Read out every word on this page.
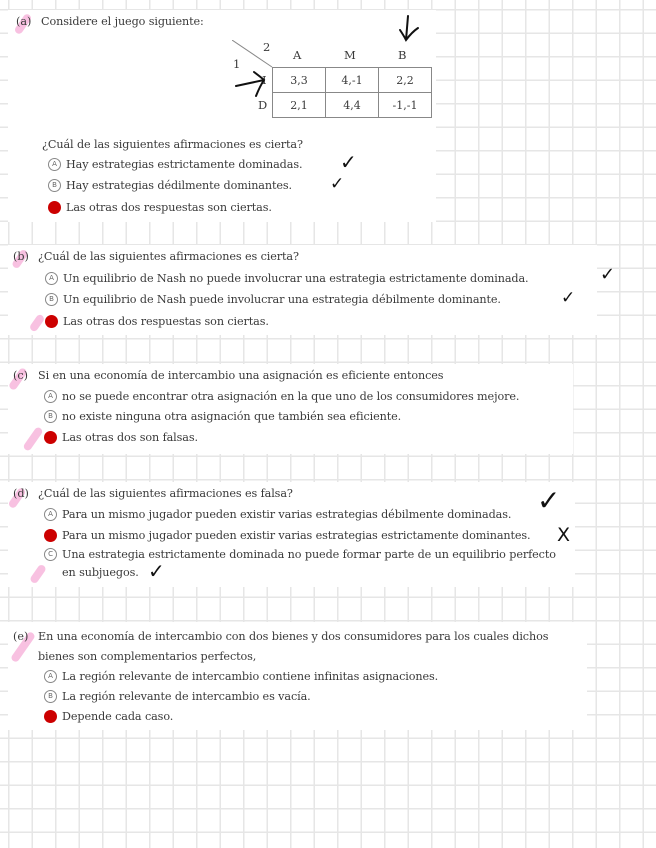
(a) Considere el juego siguiente:
2
1
A	M	B
I
D
3,3	4,-1	2,2
2,1	4,4	-1,-1
¿Cuál de las siguientes afirmaciones es cierta?
A Hay estrategias estrictamente dominadas. ✓
B Hay estrategias dédilmente dominantes. ✓
Las otras dos respuestas son ciertas.
(b) ¿Cuál de las siguientes afirmaciones es cierta?
A Un equilibrio de Nash no puede involucrar una estrategia estrictamente dominada.	✓
B Un equilibrio de Nash puede involucrar una estrategia débilmente dominante.	✓
Las otras dos respuestas son ciertas.
(c) Si en una economía de intercambio una asignación es eficiente entonces
A no se puede encontrar otra asignación en la que uno de los consumidores mejore.
B no existe ninguna otra asignación que también sea eficiente.
Las otras dos son falsas.
(d) ¿Cuál de las siguientes afirmaciones es falsa?
A Para un mismo jugador pueden existir varias estrategias débilmente dominadas. ✓
Para un mismo jugador pueden existir varias estrategias estrictamente dominantes. X
C Una estrategia estrictamente dominada no puede formar parte de un equilibrio perfecto
en subjuegos. ✓
(e) En una economía de intercambio con dos bienes y dos consumidores para los cuales dichos
bienes son complementarios perfectos,
A La región relevante de intercambio contiene infinitas asignaciones.
B La región relevante de intercambio es vacía.
Depende cada caso.
